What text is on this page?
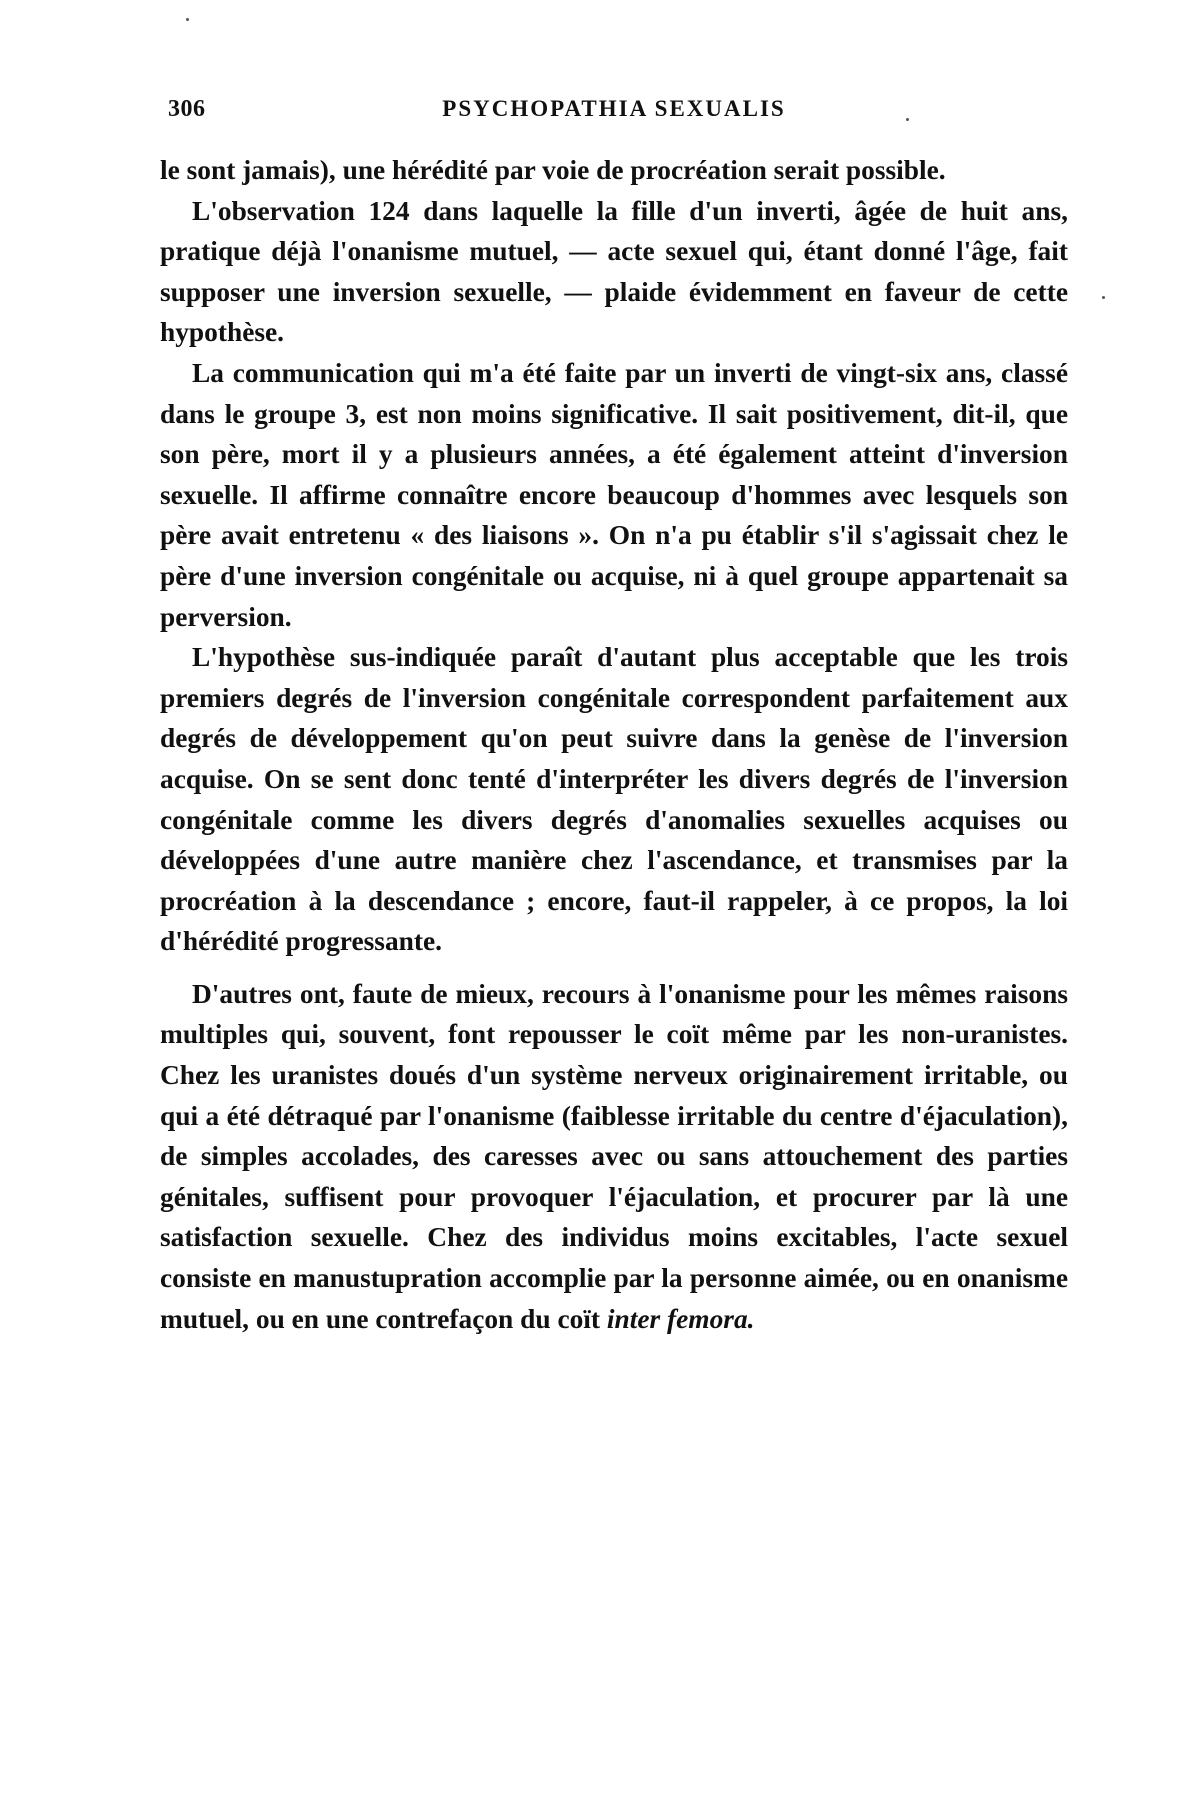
306	PSYCHOPATHIA SEXUALIS

le sont jamais), une hérédité par voie de procréation serait possible.

L'observation 124 dans laquelle la fille d'un inverti, âgée de huit ans, pratique déjà l'onanisme mutuel, — acte sexuel qui, étant donné l'âge, fait supposer une inversion sexuelle, — plaide évidemment en faveur de cette hypothèse.

La communication qui m'a été faite par un inverti de vingt-six ans, classé dans le groupe 3, est non moins significative. Il sait positivement, dit-il, que son père, mort il y a plusieurs années, a été également atteint d'inversion sexuelle. Il affirme connaître encore beaucoup d'hommes avec lesquels son père avait entretenu « des liaisons ». On n'a pu établir s'il s'agissait chez le père d'une inversion congénitale ou acquise, ni à quel groupe appartenait sa perversion.

L'hypothèse sus-indiquée paraît d'autant plus acceptable que les trois premiers degrés de l'inversion congénitale correspondent parfaitement aux degrés de développement qu'on peut suivre dans la genèse de l'inversion acquise. On se sent donc tenté d'interpréter les divers degrés de l'inversion congénitale comme les divers degrés d'anomalies sexuelles acquises ou développées d'une autre manière chez l'ascendance, et transmises par la procréation à la descendance ; encore, faut-il rappeler, à ce propos, la loi d'hérédité progressante.

D'autres ont, faute de mieux, recours à l'onanisme pour les mêmes raisons multiples qui, souvent, font repousser le coït même par les non-uranistes. Chez les uranistes doués d'un système nerveux originairement irritable, ou qui a été détraqué par l'onanisme (faiblesse irritable du centre d'éjaculation), de simples accolades, des caresses avec ou sans attouchement des parties génitales, suffisent pour provoquer l'éjaculation, et procurer par là une satisfaction sexuelle. Chez des individus moins excitables, l'acte sexuel consiste en manustupration accomplie par la personne aimée, ou en onanisme mutuel, ou en une contrefaçon du coït inter femora.
